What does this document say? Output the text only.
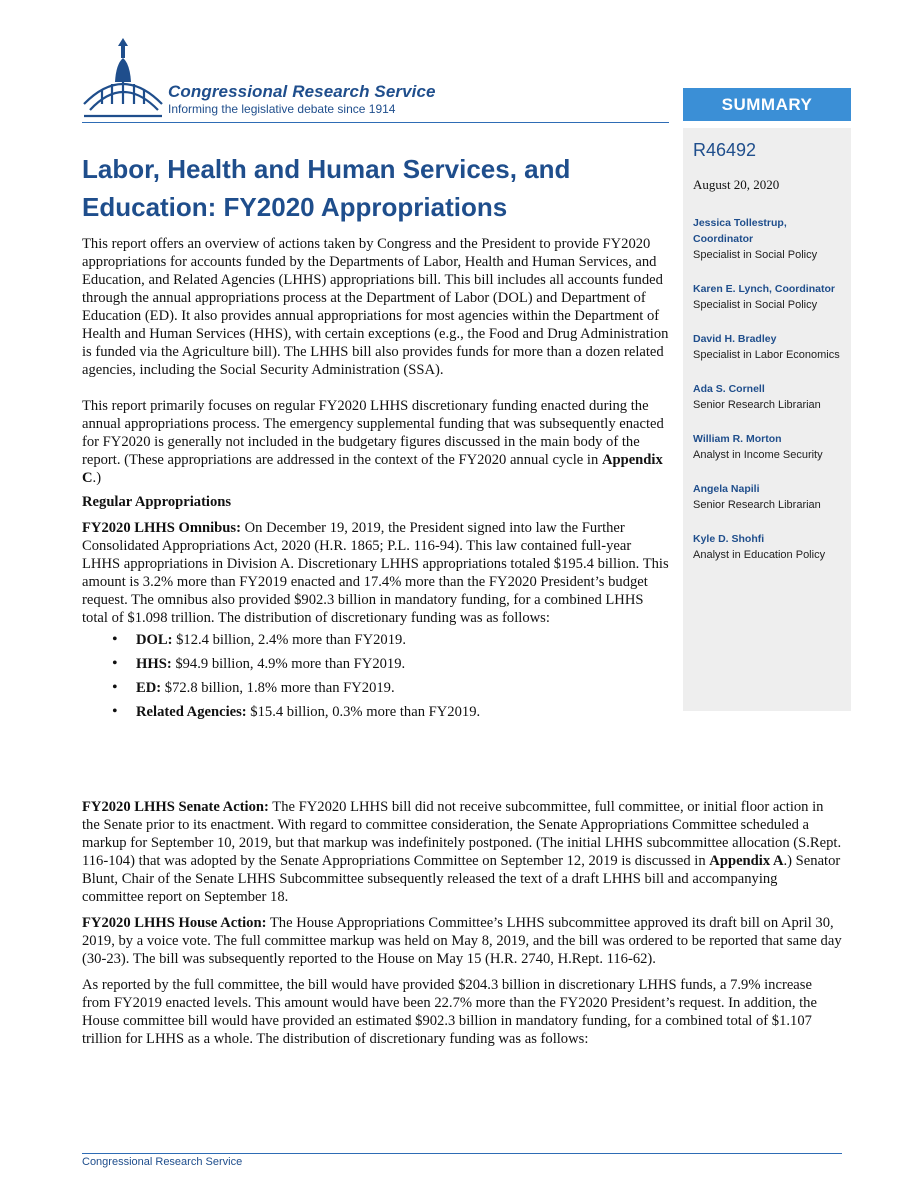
Congressional Research Service
Informing the legislative debate since 1914
Labor, Health and Human Services, and Education: FY2020 Appropriations

This report offers an overview of actions taken by Congress and the President to provide FY2020 appropriations for accounts funded by the Departments of Labor, Health and Human Services, and Education, and Related Agencies (LHHS) appropriations bill. This bill includes all accounts funded through the annual appropriations process at the Department of Labor (DOL) and Department of Education (ED). It also provides annual appropriations for most agencies within the Department of Health and Human Services (HHS), with certain exceptions (e.g., the Food and Drug Administration is funded via the Agriculture bill). The LHHS bill also provides funds for more than a dozen related agencies, including the Social Security Administration (SSA).

This report primarily focuses on regular FY2020 LHHS discretionary funding enacted during the annual appropriations process. The emergency supplemental funding that was subsequently enacted for FY2020 is generally not included in the budgetary figures discussed in the main body of the report. (These appropriations are addressed in the context of the FY2020 annual cycle in Appendix C.)

Regular Appropriations

FY2020 LHHS Omnibus: On December 19, 2019, the President signed into law the Further Consolidated Appropriations Act, 2020 (H.R. 1865; P.L. 116-94). This law contained full-year LHHS appropriations in Division A. Discretionary LHHS appropriations totaled $195.4 billion. This amount is 3.2% more than FY2019 enacted and 17.4% more than the FY2020 President’s budget request. The omnibus also provided $902.3 billion in mandatory funding, for a combined LHHS total of $1.098 trillion. The distribution of discretionary funding was as follows:

• DOL: $12.4 billion, 2.4% more than FY2019.
• HHS: $94.9 billion, 4.9% more than FY2019.
• ED: $72.8 billion, 1.8% more than FY2019.
• Related Agencies: $15.4 billion, 0.3% more than FY2019.

FY2020 LHHS Senate Action: The FY2020 LHHS bill did not receive subcommittee, full committee, or initial floor action in the Senate prior to its enactment. With regard to committee consideration, the Senate Appropriations Committee scheduled a markup for September 10, 2019, but that markup was indefinitely postponed. (The initial LHHS subcommittee allocation (S.Rept. 116-104) that was adopted by the Senate Appropriations Committee on September 12, 2019 is discussed in Appendix A.) Senator Blunt, Chair of the Senate LHHS Subcommittee subsequently released the text of a draft LHHS bill and accompanying committee report on September 18.

FY2020 LHHS House Action: The House Appropriations Committee’s LHHS subcommittee approved its draft bill on April 30, 2019, by a voice vote. The full committee markup was held on May 8, 2019, and the bill was ordered to be reported that same day (30-23). The bill was subsequently reported to the House on May 15 (H.R. 2740, H.Rept. 116-62).

As reported by the full committee, the bill would have provided $204.3 billion in discretionary LHHS funds, a 7.9% increase from FY2019 enacted levels. This amount would have been 22.7% more than the FY2020 President’s request. In addition, the House committee bill would have provided an estimated $902.3 billion in mandatory funding, for a combined total of $1.107 trillion for LHHS as a whole. The distribution of discretionary funding was as follows:

SUMMARY
R46492
August 20, 2020
Jessica Tollestrup, Coordinator
Specialist in Social Policy
Karen E. Lynch, Coordinator
Specialist in Social Policy
David H. Bradley
Specialist in Labor Economics
Ada S. Cornell
Senior Research Librarian
William R. Morton
Analyst in Income Security
Angela Napili
Senior Research Librarian
Kyle D. Shohfi
Analyst in Education Policy
Congressional Research Service
